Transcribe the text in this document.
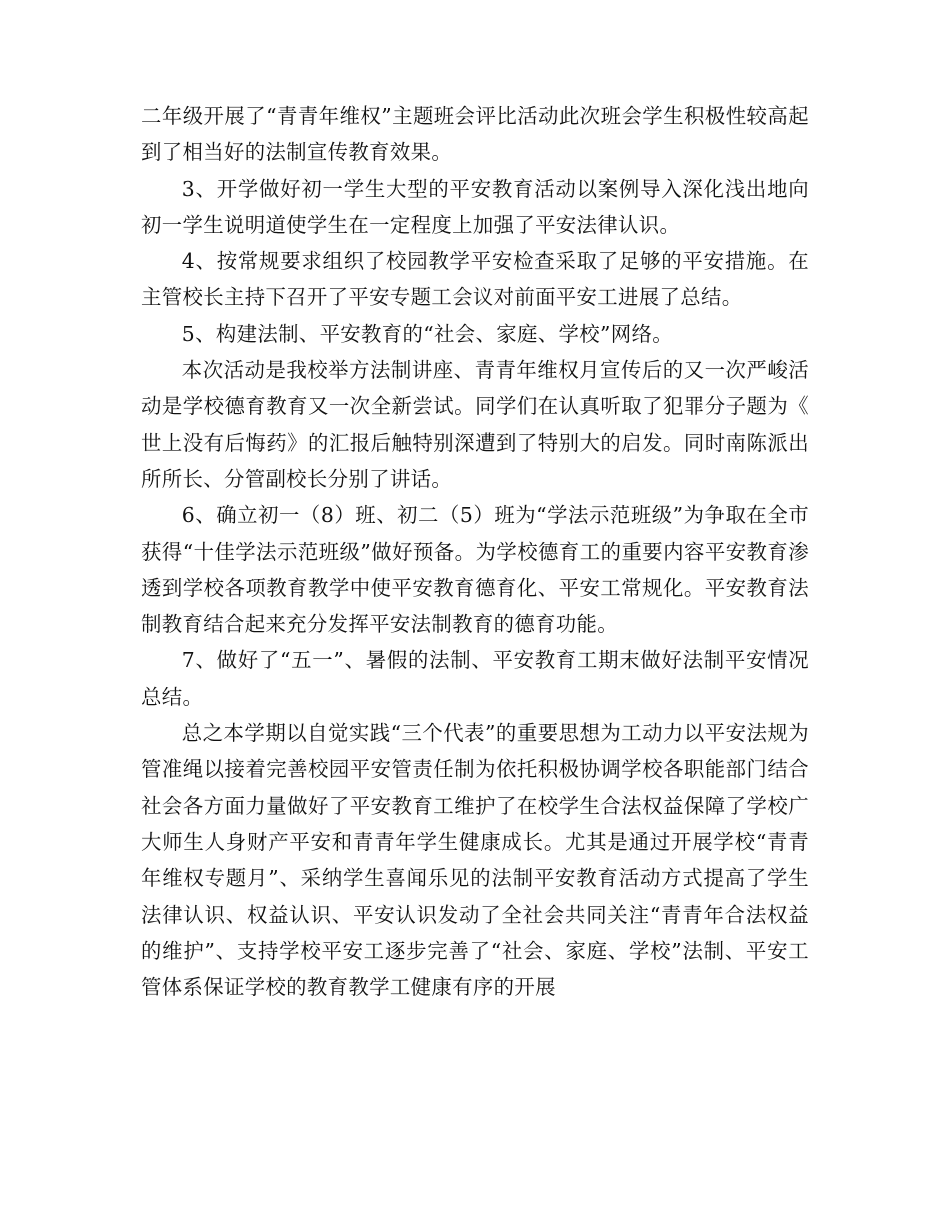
二年级开展了“青青年维权”主题班会评比活动此次班会学生积极性较高起到了相当好的法制宣传教育效果。

3、开学做好初一学生大型的平安教育活动以案例导入深化浅出地向初一学生说明道使学生在一定程度上加强了平安法律认识。

4、按常规要求组织了校园教学平安检查采取了足够的平安措施。在主管校长主持下召开了平安专题工会议对前面平安工进展了总结。

5、构建法制、平安教育的“社会、家庭、学校”网络。

本次活动是我校举方法制讲座、青青年维权月宣传后的又一次严峻活动是学校德育教育又一次全新尝试。同学们在认真听取了犯罪分子题为《世上没有后悔药》的汇报后触特别深遭到了特别大的启发。同时南陈派出所所长、分管副校长分别了讲话。

6、确立初一（8）班、初二（5）班为“学法示范班级”为争取在全市获得“十佳学法示范班级”做好预备。为学校德育工的重要内容平安教育渗透到学校各项教育教学中使平安教育德育化、平安工常规化。平安教育法制教育结合起来充分发挥平安法制教育的德育功能。

7、做好了“五一”、暑假的法制、平安教育工期末做好法制平安情况总结。

总之本学期以自觉实践“三个代表”的重要思想为工动力以平安法规为管准绳以接着完善校园平安管责任制为依托积极协调学校各职能部门结合社会各方面力量做好了平安教育工维护了在校学生合法权益保障了学校广大师生人身财产平安和青青年学生健康成长。尤其是通过开展学校“青青年维权专题月”、采纳学生喜闻乐见的法制平安教育活动方式提高了学生法律认识、权益认识、平安认识发动了全社会共同关注“青青年合法权益的维护”、支持学校平安工逐步完善了“社会、家庭、学校”法制、平安工管体系保证学校的教育教学工健康有序的开展
